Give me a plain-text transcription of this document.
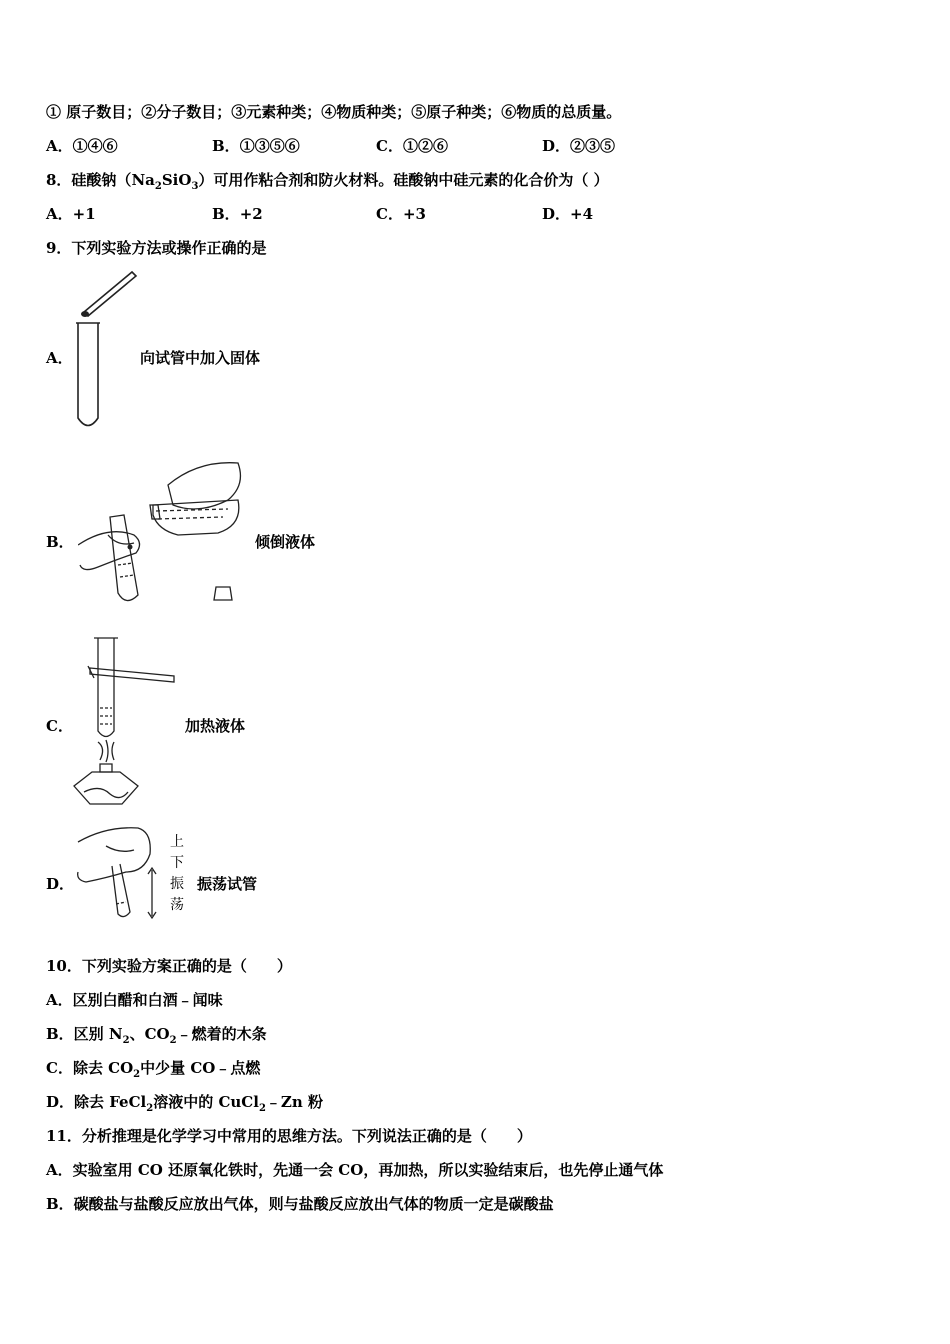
① 原子数目；②分子数目；③元素种类；④物质种类；⑤原子种类；⑥物质的总质量。
A．①④⑥	B．①③⑤⑥	C．①②⑥	D．②③⑤
8．硅酸钠$(Na_2SiO_3)$可用作粘合剂和防火材料。硅酸钠中硅元素的化合价为（ ）
A．+1	B．+2	C．+3	D．+4
9．下列实验方法或操作正确的是
A．	向试管中加入固体
B．	倾倒液体
C．	加热液体
D．
上
下
振
荡
振荡试管
10．下列实验方案正确的是（　　）
A．区别白醋和白酒﹣闻味
B．区别 $N_2$、$CO_2﹣$燃着的木条
C．除去 $CO_2$中少量 CO﹣点燃
D．除去 FeCl$_2$溶液中的 CuCl$_2$﹣Zn 粉
11．分析推理是化学学习中常用的思维方法。下列说法正确的是（　　）
A．实验室用 CO 还原氧化铁时，先通一会 CO，再加热，所以实验结束后，也先停止通气体
B．碳酸盐与盐酸反应放出气体，则与盐酸反应放出气体的物质一定是碳酸盐
